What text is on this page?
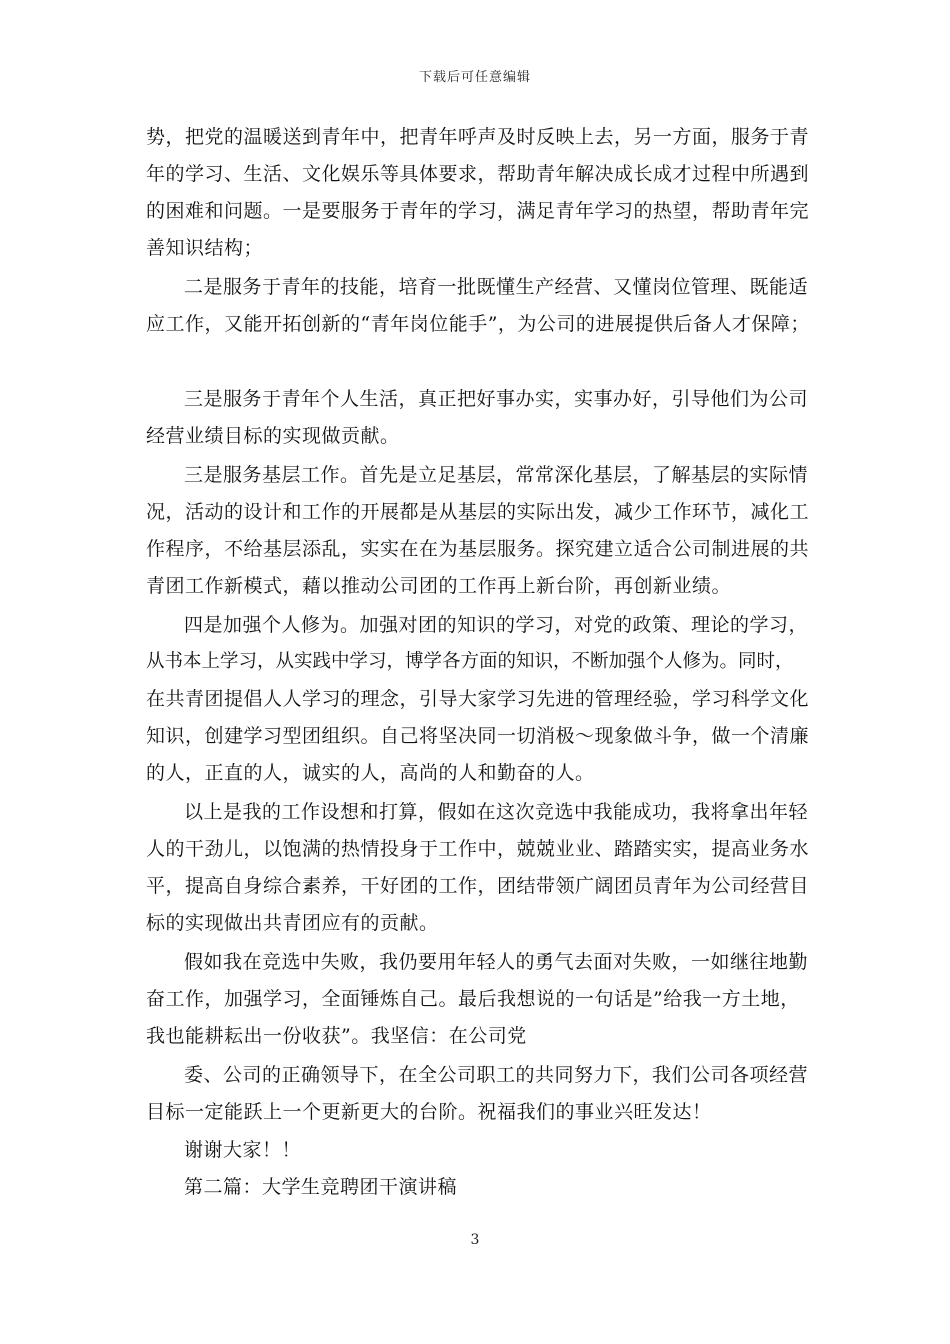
下载后可任意编辑
势，把党的温暖送到青年中，把青年呼声及时反映上去，另一方面，服务于青
年的学习、生活、文化娱乐等具体要求，帮助青年解决成长成才过程中所遇到
的困难和问题。一是要服务于青年的学习，满足青年学习的热望，帮助青年完
善知识结构；
二是服务于青年的技能，培育一批既懂生产经营、又懂岗位管理、既能适
应工作，又能开拓创新的“青年岗位能手”，为公司的进展提供后备人才保障；
三是服务于青年个人生活，真正把好事办实，实事办好，引导他们为公司
经营业绩目标的实现做贡献。
三是服务基层工作。首先是立足基层，常常深化基层，了解基层的实际情
况，活动的设计和工作的开展都是从基层的实际出发，减少工作环节，减化工
作程序，不给基层添乱，实实在在为基层服务。探究建立适合公司制进展的共
青团工作新模式，藉以推动公司团的工作再上新台阶，再创新业绩。
四是加强个人修为。加强对团的知识的学习，对党的政策、理论的学习，
从书本上学习，从实践中学习，博学各方面的知识，不断加强个人修为。同时，
在共青团提倡人人学习的理念，引导大家学习先进的管理经验，学习科学文化
知识，创建学习型团组织。自己将坚决同一切消极～现象做斗争，做一个清廉
的人，正直的人，诚实的人，高尚的人和勤奋的人。
以上是我的工作设想和打算，假如在这次竞选中我能成功，我将拿出年轻
人的干劲儿，以饱满的热情投身于工作中，兢兢业业、踏踏实实，提高业务水
平，提高自身综合素养，干好团的工作，团结带领广阔团员青年为公司经营目
标的实现做出共青团应有的贡献。
假如我在竞选中失败，我仍要用年轻人的勇气去面对失败，一如继往地勤
奋工作，加强学习，全面锤炼自己。最后我想说的一句话是”给我一方土地，
我也能耕耘出一份收获”。我坚信：在公司党
委、公司的正确领导下，在全公司职工的共同努力下，我们公司各项经营
目标一定能跃上一个更新更大的台阶。祝福我们的事业兴旺发达！
谢谢大家！！
第二篇：大学生竞聘团干演讲稿
3
